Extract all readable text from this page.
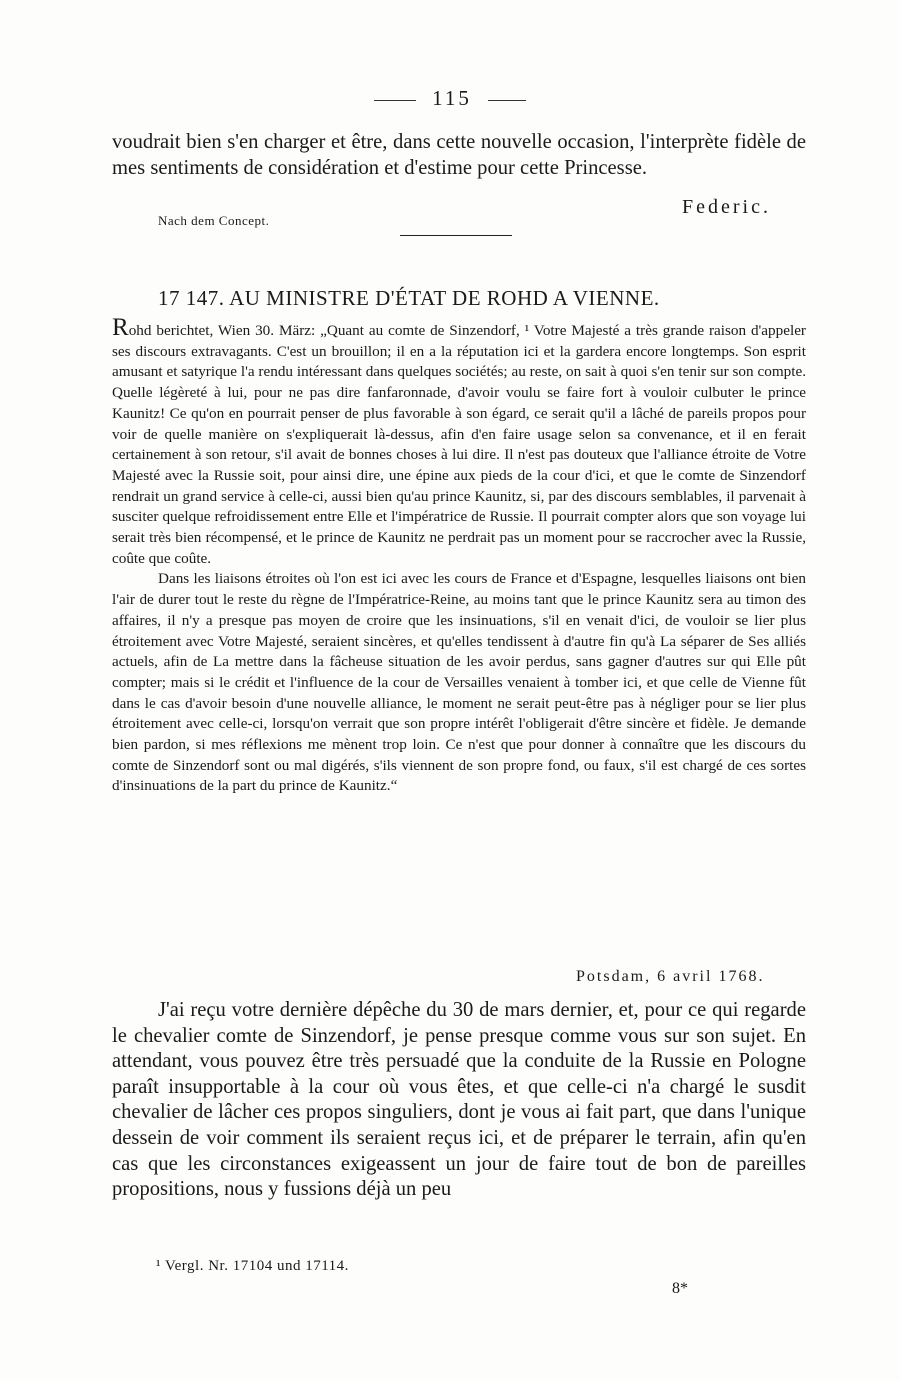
115
voudrait bien s'en charger et être, dans cette nouvelle occasion, l'interprète fidèle de mes sentiments de considération et d'estime pour cette Princesse.
Nach dem Concept.
Federic.
17 147. AU MINISTRE D'ÉTAT DE ROHD A VIENNE.
Rohd berichtet, Wien 30. März: „Quant au comte de Sinzendorf, ¹ Votre Majesté a très grande raison d'appeler ses discours extravagants. C'est un brouillon; il en a la réputation ici et la gardera encore longtemps. Son esprit amusant et satyrique l'a rendu intéressant dans quelques sociétés; au reste, on sait à quoi s'en tenir sur son compte. Quelle légèreté à lui, pour ne pas dire fanfaronnade, d'avoir voulu se faire fort à vouloir culbuter le prince Kaunitz! Ce qu'on en pourrait penser de plus favorable à son égard, ce serait qu'il a lâché de pareils propos pour voir de quelle manière on s'expliquerait là-dessus, afin d'en faire usage selon sa convenance, et il en ferait certainement à son retour, s'il avait de bonnes choses à lui dire. Il n'est pas douteux que l'alliance étroite de Votre Majesté avec la Russie soit, pour ainsi dire, une épine aux pieds de la cour d'ici, et que le comte de Sinzendorf rendrait un grand service à celle-ci, aussi bien qu'au prince Kaunitz, si, par des discours semblables, il parvenait à susciter quelque refroidissement entre Elle et l'impératrice de Russie. Il pourrait compter alors que son voyage lui serait très bien récompensé, et le prince de Kaunitz ne perdrait pas un moment pour se raccrocher avec la Russie, coûte que coûte.
Dans les liaisons étroites où l'on est ici avec les cours de France et d'Espagne, lesquelles liaisons ont bien l'air de durer tout le reste du règne de l'Impératrice-Reine, au moins tant que le prince Kaunitz sera au timon des affaires, il n'y a presque pas moyen de croire que les insinuations, s'il en venait d'ici, de vouloir se lier plus étroitement avec Votre Majesté, seraient sincères, et qu'elles tendissent à d'autre fin qu'à La séparer de Ses alliés actuels, afin de La mettre dans la fâcheuse situation de les avoir perdus, sans gagner d'autres sur qui Elle pût compter; mais si le crédit et l'influence de la cour de Versailles venaient à tomber ici, et que celle de Vienne fût dans le cas d'avoir besoin d'une nouvelle alliance, le moment ne serait peut-être pas à négliger pour se lier plus étroitement avec celle-ci, lorsqu'on verrait que son propre intérêt l'obligerait d'être sincère et fidèle. Je demande bien pardon, si mes réflexions me mènent trop loin. Ce n'est que pour donner à connaître que les discours du comte de Sinzendorf sont ou mal digérés, s'ils viennent de son propre fond, ou faux, s'il est chargé de ces sortes d'insinuations de la part du prince de Kaunitz.“
Potsdam, 6 avril 1768.
J'ai reçu votre dernière dépêche du 30 de mars dernier, et, pour ce qui regarde le chevalier comte de Sinzendorf, je pense presque comme vous sur son sujet. En attendant, vous pouvez être très persuadé que la conduite de la Russie en Pologne paraît insupportable à la cour où vous êtes, et que celle-ci n'a chargé le susdit chevalier de lâcher ces propos singuliers, dont je vous ai fait part, que dans l'unique dessein de voir comment ils seraient reçus ici, et de préparer le terrain, afin qu'en cas que les circonstances exigeassent un jour de faire tout de bon de pareilles propositions, nous y fussions déjà un peu
¹ Vergl. Nr. 17104 und 17114.
8*
